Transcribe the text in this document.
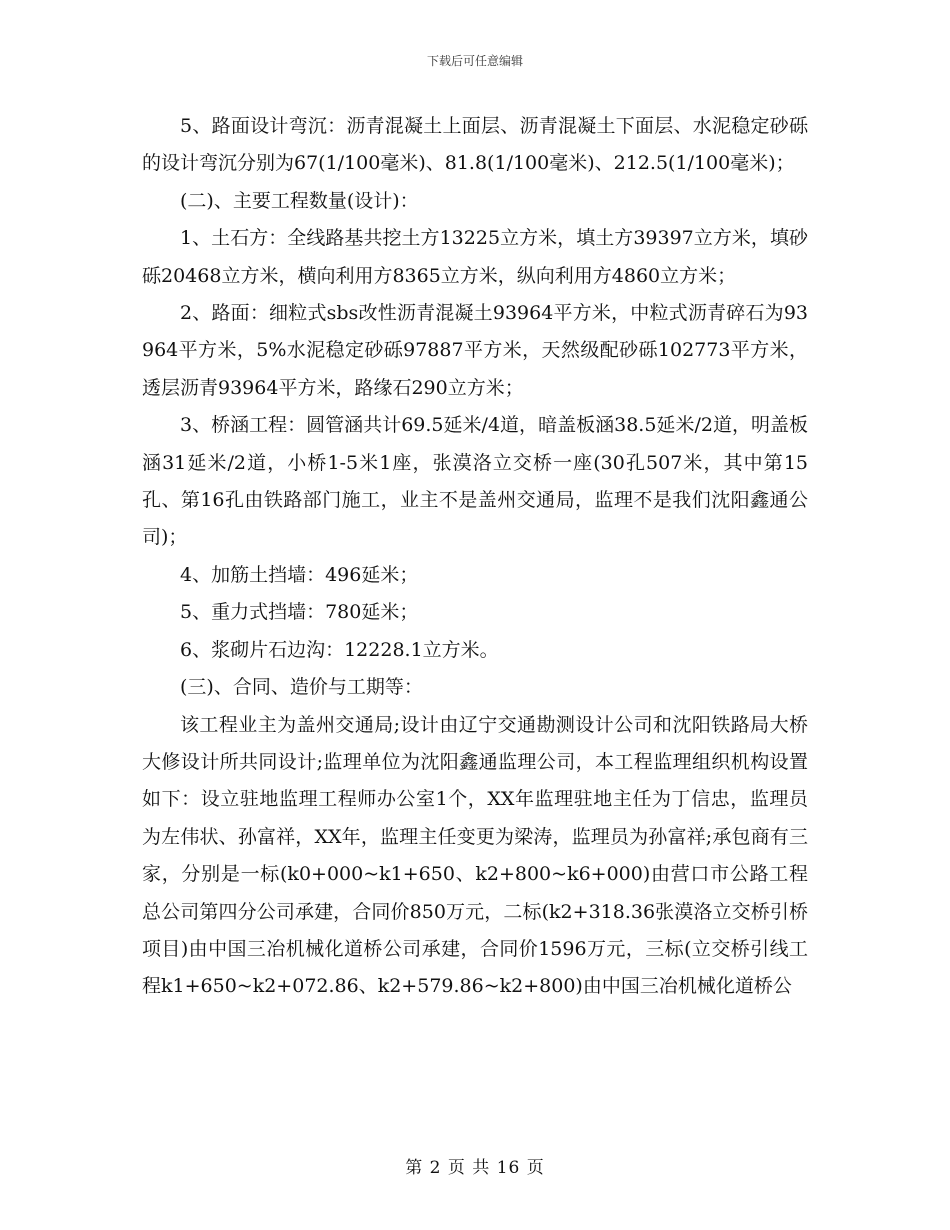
下载后可任意编辑

5、路面设计弯沉：沥青混凝土上面层、沥青混凝土下面层、水泥稳定砂砾的设计弯沉分别为67(1/100毫米)、81.8(1/100毫米)、212.5(1/100毫米)；

(二)、主要工程数量(设计)：

1、土石方：全线路基共挖土方13225立方米，填土方39397立方米，填砂砾20468立方米，横向利用方8365立方米，纵向利用方4860立方米；

2、路面：细粒式sbs改性沥青混凝土93964平方米，中粒式沥青碎石为93964平方米，5%水泥稳定砂砾97887平方米，天然级配砂砾102773平方米，透层沥青93964平方米，路缘石290立方米；

3、桥涵工程：圆管涵共计69.5延米/4道，暗盖板涵38.5延米/2道，明盖板涵31延米/2道，小桥1-5米1座，张漠洛立交桥一座(30孔507米，其中第15孔、第16孔由铁路部门施工，业主不是盖州交通局，监理不是我们沈阳鑫通公司)；

4、加筋土挡墙：496延米；

5、重力式挡墙：780延米；

6、浆砌片石边沟：12228.1立方米。

(三)、合同、造价与工期等：

该工程业主为盖州交通局;设计由辽宁交通勘测设计公司和沈阳铁路局大桥大修设计所共同设计;监理单位为沈阳鑫通监理公司，本工程监理组织机构设置如下：设立驻地监理工程师办公室1个，XX年监理驻地主任为丁信忠，监理员为左伟状、孙富祥，XX年，监理主任变更为梁涛，监理员为孙富祥;承包商有三家，分别是一标(k0+000~k1+650、k2+800~k6+000)由营口市公路工程总公司第四分公司承建，合同价850万元，二标(k2+318.36张漠洛立交桥引桥项目)由中国三冶机械化道桥公司承建，合同价1596万元，三标(立交桥引线工程k1+650~k2+072.86、k2+579.86~k2+800)由中国三冶机械化道桥公

第 2 页 共 16 页
